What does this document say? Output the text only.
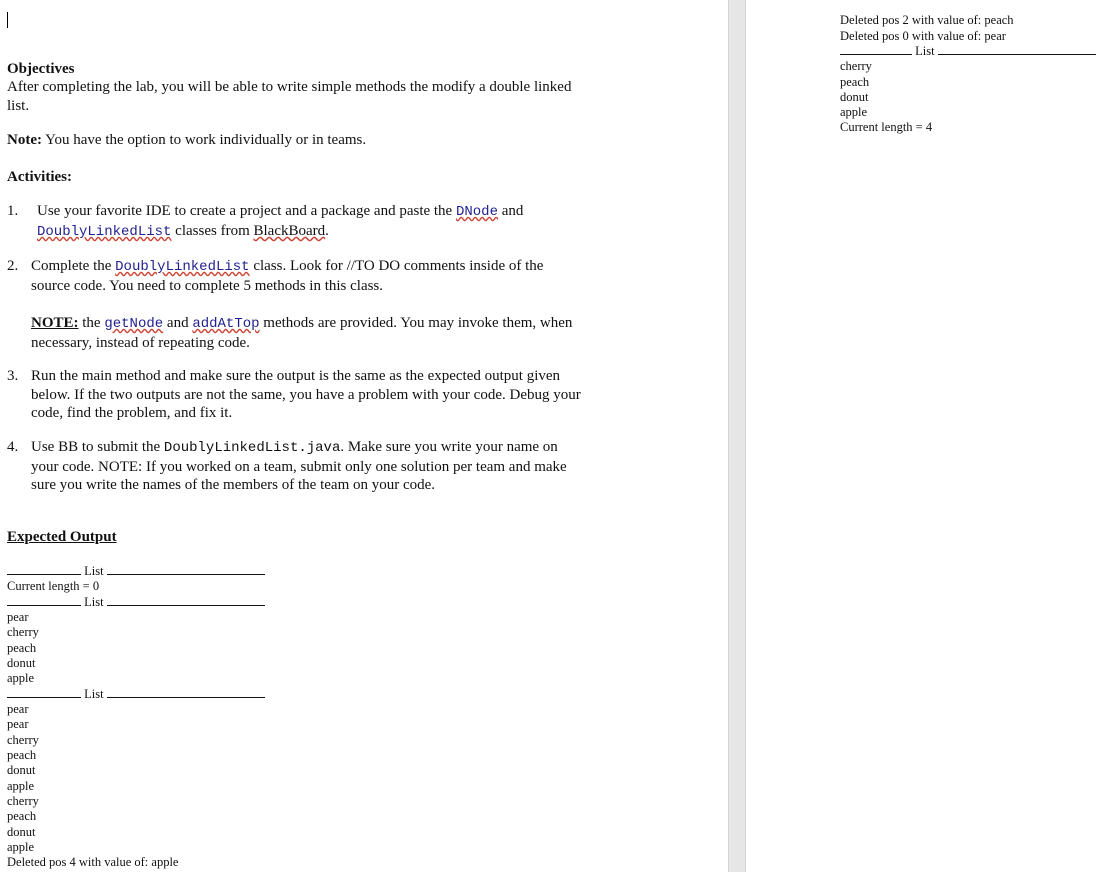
Objectives
After completing the lab, you will be able to write simple methods the modify a double linked
list.
Note: You have the option to work individually or in teams.
Activities:
1. Use your favorite IDE to create a project and a package and paste the DNode and
DoublyLinkedList classes from BlackBoard.
2. Complete the DoublyLinkedList class. Look for //TO DO comments inside of the
source code. You need to complete 5 methods in this class.
NOTE: the getNode and addAtTop methods are provided. You may invoke them, when
necessary, instead of repeating code.
3. Run the main method and make sure the output is the same as the expected output given
below. If the two outputs are not the same, you have a problem with your code. Debug your
code, find the problem, and fix it.
4. Use BB to submit the DoublyLinkedList.java. Make sure you write your name on
your code. NOTE: If you worked on a team, submit only one solution per team and make
sure you write the names of the members of the team on your code.
Expected Output
List
Current length = 0
List
pear
cherry
peach
donut
apple
List
pear
pear
cherry
peach
donut
apple
cherry
peach
donut
apple
Deleted pos 4 with value of: apple
Deleted pos 2 with value of: peach
Deleted pos 0 with value of: pear
List
cherry
peach
donut
apple
Current length = 4
